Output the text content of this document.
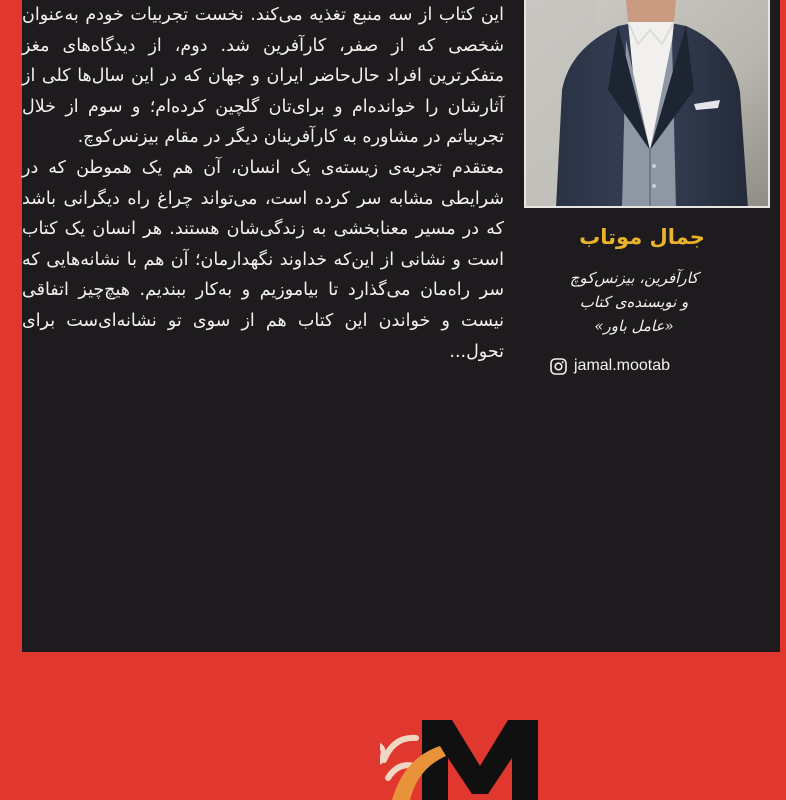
این کتاب از سه منبع تغذیه می‌کند. نخست تجربیات خودم به‌عنوان شخصی که از صفر، کارآفرین شد. دوم، از دیدگاه‌های مغز متفکرترین افراد حال‌حاضر ایران و جهان که در این سال‌ها کلی از آثارشان را خوانده‌ام و برای‌تان گلچین کرده‌ام؛ و سوم از خلال تجربیاتم در مشاوره به کارآفرینان دیگر در مقام بیزنس‌کوچ.

معتقدم تجربه‌ی زیسته‌ی یک انسان، آن هم یک هموطن که در شرایطی مشابه سر کرده است، می‌تواند چراغ راه دیگرانی باشد که در مسیر معنابخشی به زندگی‌شان هستند. هر انسان یک کتاب است و نشانی از این‌که خداوند نگهدارمان؛ آن هم با نشانه‌هایی که سر راه‌مان می‌گذارد تا بیاموزیم و به‌کار ببندیم. هیچ‌چیز اتفاقی نیست و خواندن این کتاب هم از سوی تو نشانه‌ای‌ست برای تحول...

جمال موتاب
کارآفرین، بیزنس‌کوچ
و نویسنده‌ی کتاب
«عامل باور»
jamal.mootab
